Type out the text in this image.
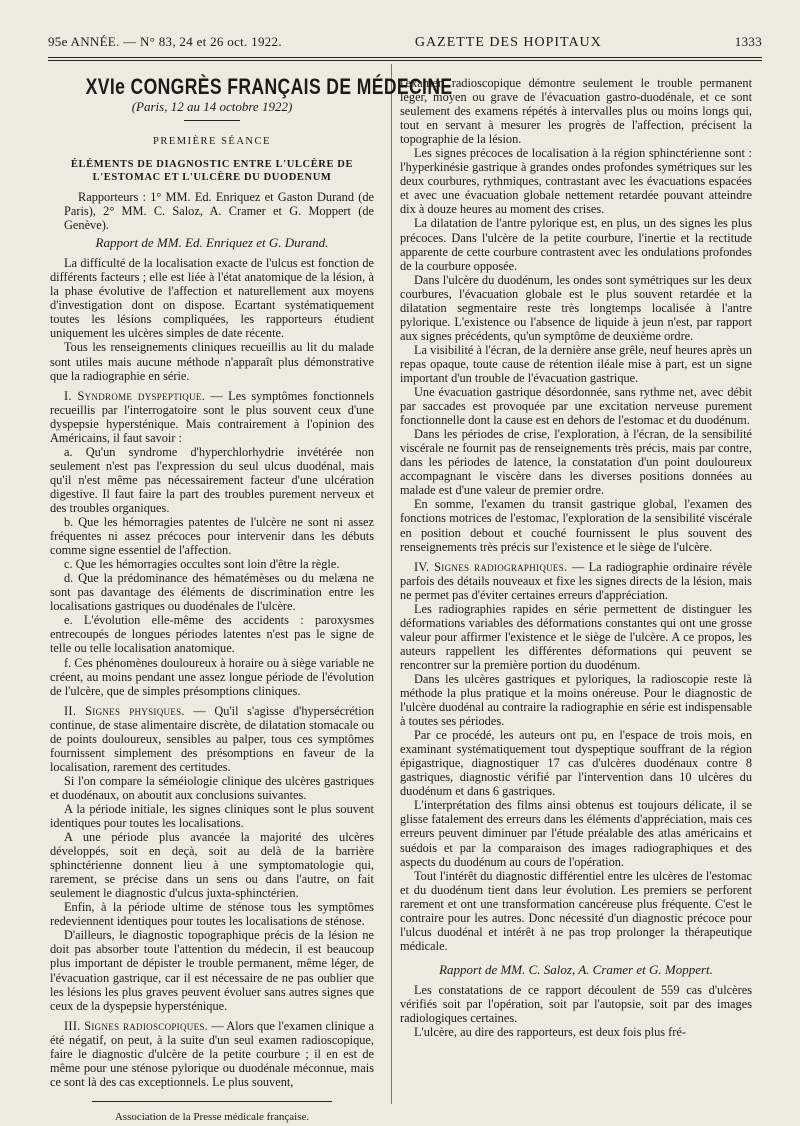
95e ANNÉE. — N° 83, 24 et 26 oct. 1922.	GAZETTE DES HOPITAUX	1333
XVIe CONGRÈS FRANÇAIS DE MÉDECINE
(Paris, 12 au 14 octobre 1922)
PREMIÈRE SÉANCE
ÉLÉMENTS DE DIAGNOSTIC ENTRE L'ULCÈRE DE L'ESTOMAC ET L'ULCÈRE DU DUODENUM

Rapporteurs : 1° MM. Ed. Enriquez et Gaston Durand (de Paris), 2° MM. C. Saloz, A. Cramer et G. Moppert (de Genève).

Rapport de MM. Ed. Enriquez et G. Durand.

La difficulté de la localisation exacte de l'ulcus est fonction de différents facteurs ; elle est liée à l'état anatomique de la lésion, à la phase évolutive de l'affection et naturellement aux moyens d'investigation dont on dispose. Ecartant systématiquement toutes les lésions compliquées, les rapporteurs étudient uniquement les ulcères simples de date récente.

Tous les renseignements cliniques recueillis au lit du malade sont utiles mais aucune méthode n'apparaît plus démonstrative que la radiographie en série.

I. Syndrome dyspeptique. — Les symptômes fonctionnels recueillis par l'interrogatoire sont le plus souvent ceux d'une dyspepsie hypersténique. Mais contrairement à l'opinion des Américains, il faut savoir :

a. Qu'un syndrome d'hyperchlorhydrie invétérée non seulement n'est pas l'expression du seul ulcus duodénal, mais qu'il n'est même pas nécessairement facteur d'une ulcération digestive. Il faut faire la part des troubles purement nerveux et des troubles organiques.

b. Que les hémorragies patentes de l'ulcère ne sont ni assez fréquentes ni assez précoces pour intervenir dans les débuts comme signe essentiel de l'affection.

c. Que les hémorragies occultes sont loin d'être la règle.

d. Que la prédominance des hématémèses ou du melæna ne sont pas davantage des éléments de discrimination entre les localisations gastriques ou duodénales de l'ulcère.

e. L'évolution elle-même des accidents : paroxysmes entrecoupés de longues périodes latentes n'est pas le signe de telle ou telle localisation anatomique.

f. Ces phénomènes douloureux à horaire ou à siège variable ne créent, au moins pendant une assez longue période de l'évolution de l'ulcère, que de simples présomptions cliniques.

II. Signes physiques. — Qu'il s'agisse d'hypersécrétion continue, de stase alimentaire discrète, de dilatation stomacale ou de points douloureux, sensibles au palper, tous ces symptômes fournissent simplement des présomptions en faveur de la localisation, rarement des certitudes.

Si l'on compare la séméiologie clinique des ulcères gastriques et duodénaux, on aboutit aux conclusions suivantes.

A la période initiale, les signes cliniques sont le plus souvent identiques pour toutes les localisations.

A une période plus avancée la majorité des ulcères développés, soit en deçà, soit au delà de la barrière sphinctérienne donnent lieu à une symptomatologie qui, rarement, se précise dans un sens ou dans l'autre, on fait seulement le diagnostic d'ulcus juxta-sphinctérien.

Enfin, à la période ultime de sténose tous les symptômes redeviennent identiques pour toutes les localisations de sténose.

D'ailleurs, le diagnostic topographique précis de la lésion ne doit pas absorber toute l'attention du médecin, il est beaucoup plus important de dépister le trouble permanent, même léger, de l'évacuation gastrique, car il est nécessaire de ne pas oublier que les lésions les plus graves peuvent évoluer sans autres signes que ceux de la dyspepsie hypersténique.

III. Signes radioscopiques. — Alors que l'examen clinique a été négatif, on peut, à la suite d'un seul examen radioscopique, faire le diagnostic d'ulcère de la petite courbure ; il en est de même pour une sténose pylorique ou duodénale méconnue, mais ce sont là des cas exceptionnels. Le plus souvent,

Association de la Presse médicale française.

l'examen radioscopique démontre seulement le trouble permanent léger, moyen ou grave de l'évacuation gastro-duodénale, et ce sont seulement des examens répétés à intervalles plus ou moins longs qui, tout en servant à mesurer les progrès de l'affection, précisent la topographie de la lésion.

Les signes précoces de localisation à la région sphinctérienne sont : l'hyperkinésie gastrique à grandes ondes profondes symétriques sur les deux courbures, rythmiques, contrastant avec les évacuations espacées et avec une évacuation globale nettement retardée pouvant atteindre dix à douze heures au moment des crises.

La dilatation de l'antre pylorique est, en plus, un des signes les plus précoces. Dans l'ulcère de la petite courbure, l'inertie et la rectitude apparente de cette courbure contrastent avec les ondulations profondes de la courbure opposée.

Dans l'ulcère du duodénum, les ondes sont symétriques sur les deux courbures, l'évacuation globale est le plus souvent retardée et la dilatation segmentaire reste très longtemps localisée à l'antre pylorique. L'existence ou l'absence de liquide à jeun n'est, par rapport aux signes précédents, qu'un symptôme de deuxième ordre.

La visibilité à l'écran, de la dernière anse grêle, neuf heures après un repas opaque, toute cause de rétention iléale mise à part, est un signe important d'un trouble de l'évacuation gastrique.

Une évacuation gastrique désordonnée, sans rythme net, avec débit par saccades est provoquée par une excitation nerveuse purement fonctionnelle dont la cause est en dehors de l'estomac et du duodénum.

Dans les périodes de crise, l'exploration, à l'écran, de la sensibilité viscérale ne fournit pas de renseignements très précis, mais par contre, dans les périodes de latence, la constatation d'un point douloureux accompagnant le viscère dans les diverses positions données au malade est d'une valeur de premier ordre.

En somme, l'examen du transit gastrique global, l'examen des fonctions motrices de l'estomac, l'exploration de la sensibilité viscérale en position debout et couché fournissent le plus souvent des renseignements très précis sur l'existence et le siège de l'ulcère.

IV. Signes radiographiques. — La radiographie ordinaire révèle parfois des détails nouveaux et fixe les signes directs de la lésion, mais ne permet pas d'éviter certaines erreurs d'appréciation.

Les radiographies rapides en série permettent de distinguer les déformations variables des déformations constantes qui ont une grosse valeur pour affirmer l'existence et le siège de l'ulcère. A ce propos, les auteurs rappellent les différentes déformations qui peuvent se rencontrer sur la première portion du duodénum.

Dans les ulcères gastriques et pyloriques, la radioscopie reste là méthode la plus pratique et la moins onéreuse. Pour le diagnostic de l'ulcère duodénal au contraire la radiographie en série est indispensable à toutes ses périodes.

Par ce procédé, les auteurs ont pu, en l'espace de trois mois, en examinant systématiquement tout dyspeptique souffrant de la région épigastrique, diagnostiquer 17 cas d'ulcères duodénaux contre 8 gastriques, diagnostic vérifié par l'intervention dans 10 ulcères du duodénum et dans 6 gastriques.

L'interprétation des films ainsi obtenus est toujours délicate, il se glisse fatalement des erreurs dans les éléments d'appréciation, mais ces erreurs peuvent diminuer par l'étude préalable des atlas américains et suédois et par la comparaison des images radiographiques et des aspects du duodénum au cours de l'opération.

Tout l'intérêt du diagnostic différentiel entre les ulcères de l'estomac et du duodénum tient dans leur évolution. Les premiers se perforent rarement et ont une transformation cancéreuse plus fréquente. C'est le contraire pour les autres. Donc nécessité d'un diagnostic précoce pour l'ulcus duodénal et intérêt à ne pas trop prolonger la thérapeutique médicale.

Rapport de MM. C. Saloz, A. Cramer et G. Moppert.

Les constatations de ce rapport découlent de 559 cas d'ulcères vérifiés soit par l'opération, soit par l'autopsie, soit par des images radiologiques certaines.

L'ulcère, au dire des rapporteurs, est deux fois plus fré-
